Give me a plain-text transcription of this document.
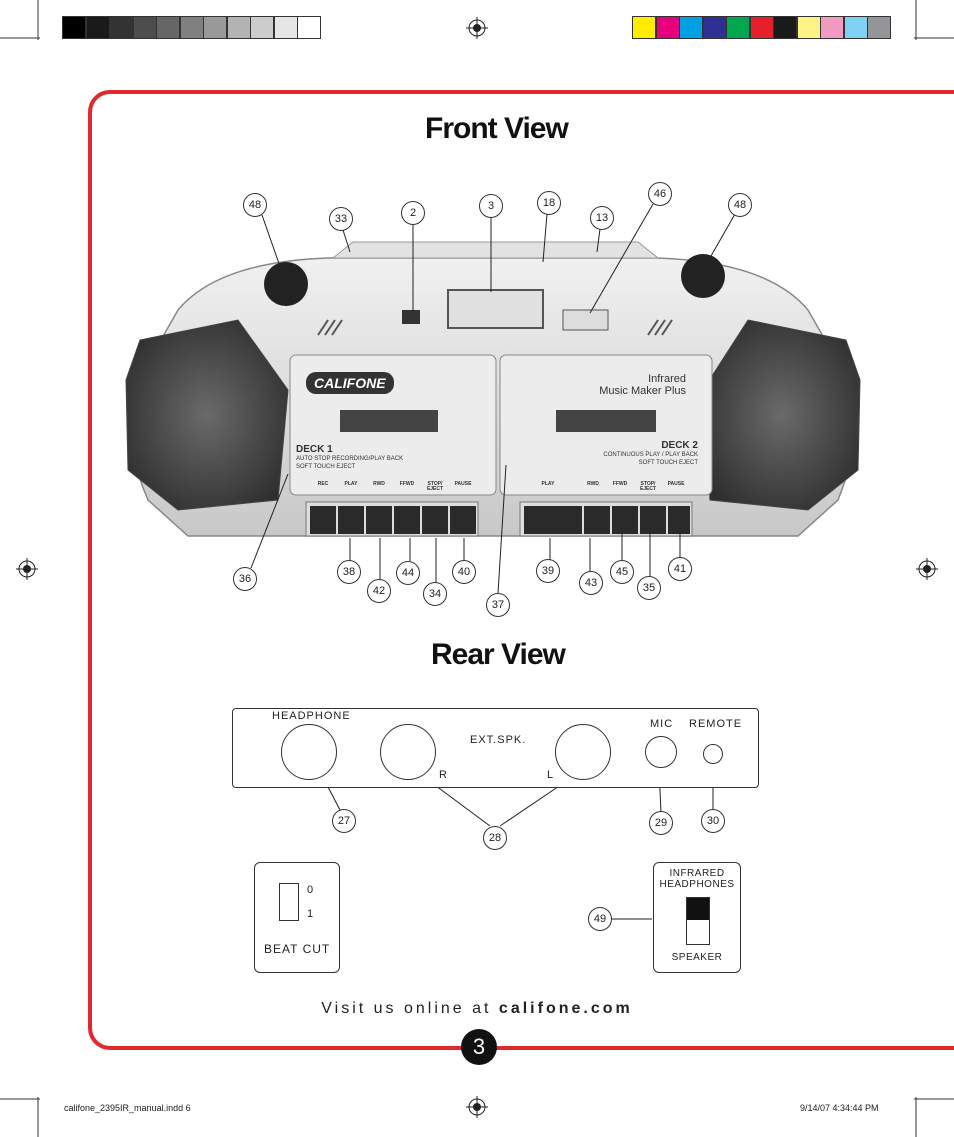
Front View
CALIFONE	Infrared
Music Maker Plus
DECK 1
AUTO STOP RECORDING/PLAY BACK
SOFT TOUCH EJECT
DECK 2
CONTINUOUS PLAY / PLAY BACK
SOFT TOUCH EJECT
REC	PLAY	RWD	FFWD	STOP/
EJECT
PAUSE	PLAY	RWD	FFWD	STOP/
EJECT
PAUSE
48
33	2
3	18
13
46
48
36
38
42
44
34
40
37
39
43
45
35
41
Rear View
HEADPHONE
EXT.SPK.
R	L
MIC REMOTE
27
28
29	30
0
1
BEAT CUT
49
INFRARED
HEADPHONES
SPEAKER
Visit us online at califone.com
3
califone_2395IR_manual.indd 6	9/14/07 4:34:44 PM
